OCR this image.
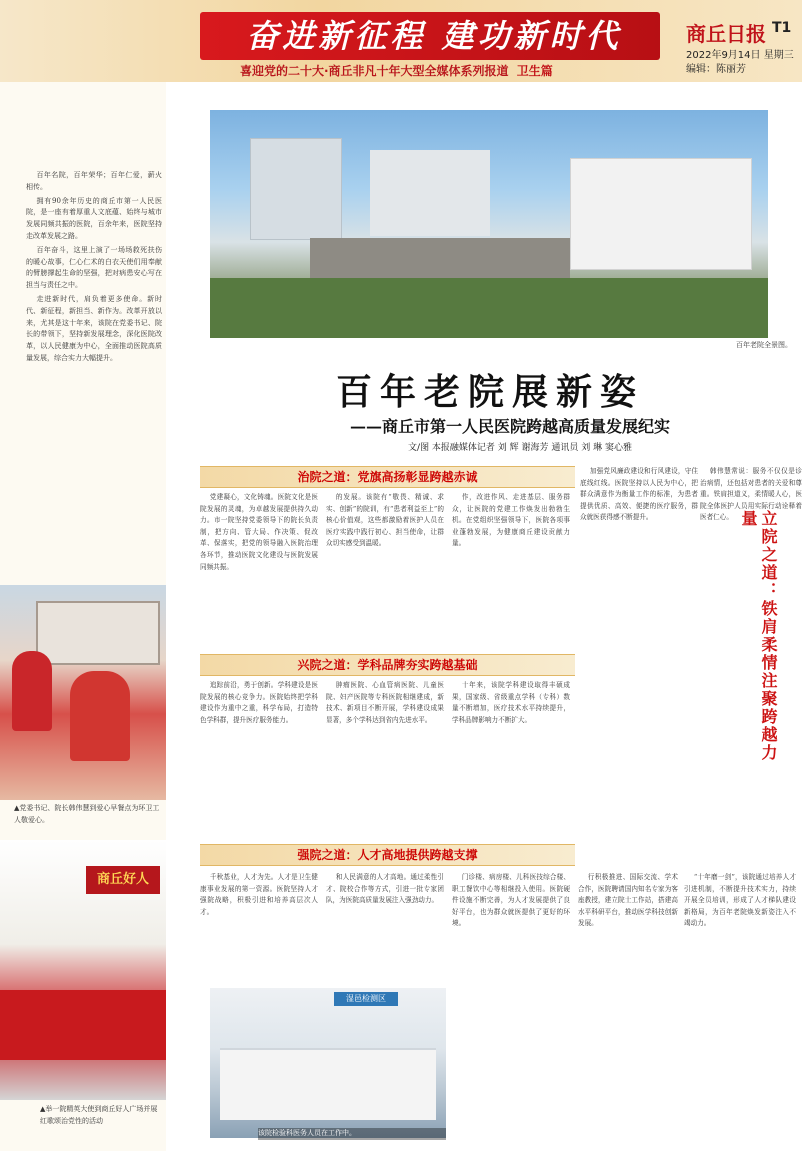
奋进新征程 建功新时代
喜迎党的二十大·商丘非凡十年大型全媒体系列报道 卫生篇
商丘日报 T1
2022年9月14日 星期三
编辑：陈丽芳

百年名院，百年荣华；百年仁爱，薪火相传。

拥有90余年历史的商丘市第一人民医院，是一座有着厚重人文底蕴、始终与城市发展同频共振的医院，百余年来，医院坚持走改革发展之路。

百年奋斗，这里上演了一场场救死扶伤的暖心故事，仁心仁术的白衣天使们用奉献的臂膀撑起生命的坚强，把对病患安心写在担当与责任之中。

走进新时代，肩负着更多使命。新时代、新征程，新担当、新作为。改革开放以来，尤其是这十年来，该院在党委书记、院长的带领下，坚持新发展理念，深化医院改革，以人民健康为中心，全面推动医院高质量发展，综合实力大幅提升。

▲党委书记、院长韩伟慧到爱心早餐点为环卫工人敬爱心。
商丘好人
▲举一院精英大使到商丘好人广场并展红歌颂治党性的活动
百年老院全景图。
百年老院展新姿
——商丘市第一人民医院跨越高质量发展纪实
文/图 本报融媒体记者 刘 辉 谢海芳 通讯员 刘 琳 窦心雅
治院之道：党旗高扬彰显跨越赤诚

党建凝心，文化铸魂。医院文化是医院发展的灵魂，为卓越发展提供持久动力。市一院坚持党委领导下的院长负责制，把方向、管大局、作决策、促改革、保落实，把党的领导融入医院治理各环节，推动医院文化建设与医院发展同频共振。

的发展。该院有“敬畏、精诚、求实、创新”的院训，有“患者利益至上”的核心价值观，这些都激励着医护人员在医疗实践中践行初心、担当使命，让群众切实感受到温暖。

作，改进作风、走进基层、服务群众，让医院的党建工作焕发出勃勃生机。在党组织坚强领导下，医院各项事业蓬勃发展，为健康商丘建设贡献力量。

兴院之道：学科品牌夯实跨越基础

追踪前沿，勇于创新。学科建设是医院发展的核心竞争力。医院始终把学科建设作为重中之重，科学布局，打造特色学科群，提升医疗服务能力。

肿瘤医院、心血管病医院、儿童医院、妇产医院等专科医院相继建成，新技术、新项目不断开展，学科建设成果显著，多个学科达到省内先进水平。

十年来，该院学科建设取得丰硕成果，国家级、省级重点学科（专科）数量不断增加，医疗技术水平持续提升，学科品牌影响力不断扩大。

加强党风廉政建设和行风建设，守住底线红线。医院坚持以人民为中心，把群众满意作为衡量工作的标准，为患者提供优质、高效、便捷的医疗服务，群众就医获得感不断提升。

韩伟慧常说：服务不仅仅是诊治病情，还包括对患者的关爱和尊重。铁肩担道义，柔情暖人心，医院全体医护人员用实际行动诠释着医者仁心。	立院之道：铁肩柔情注聚跨越力量
强院之道：人才高地提供跨越支撑

千秋基业，人才为先。人才是卫生健康事业发展的第一资源。医院坚持人才强院战略，积极引进和培养高层次人才。

和人民满意的人才高地。通过柔性引才、院校合作等方式，引进一批专家团队，为医院高质量发展注入强劲动力。

门诊楼、病房楼、儿科医技综合楼、职工餐饮中心等相继投入使用。医院硬件设施不断完善，为人才发展提供了良好平台，也为群众就医提供了更好的环境。

行积极推进、国际交流、学术合作，医院聘请国内知名专家为客座教授，建立院士工作站，搭建高水平科研平台，推动医学科技创新发展。

“十年磨一剑”，该院通过培养人才引进机制，不断提升技术实力，持续开展全员培训，形成了人才梯队建设新格局，为百年老院焕发新姿注入不竭动力。

湿邑检测区
该院检验科医务人员在工作中。
